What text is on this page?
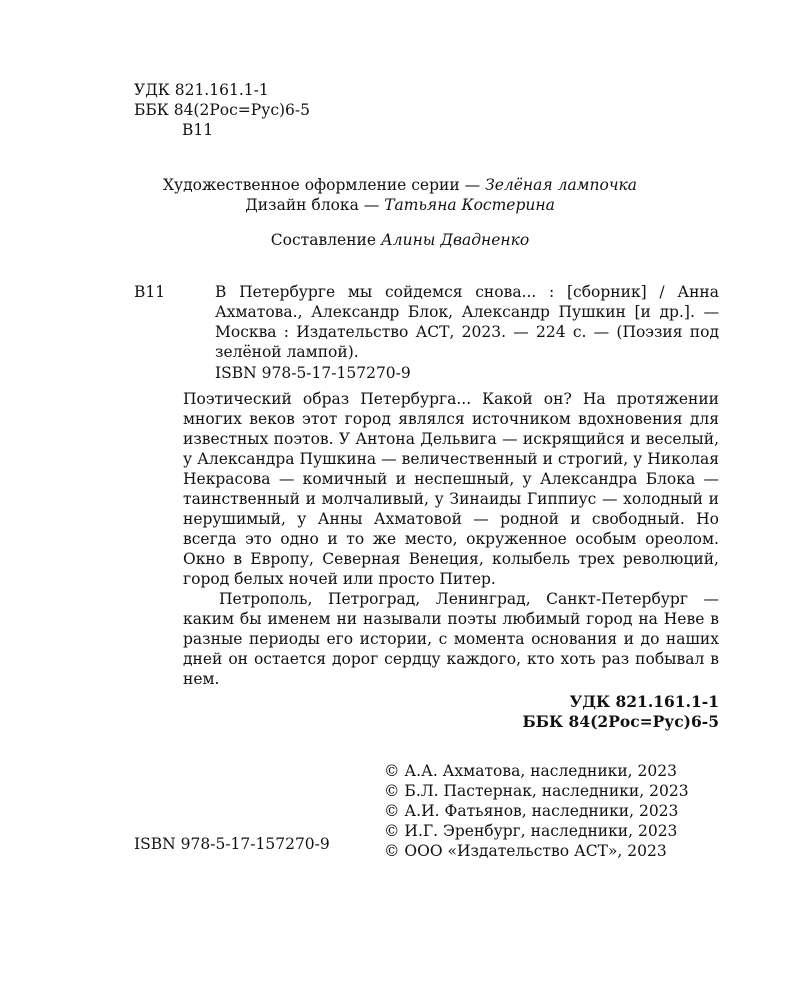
УДК 821.161.1-1
ББК 84(2Рос=Рус)6-5
В11
Художественное оформление серии — Зелёная лампочка
Дизайн блока — Татьяна Костерина
Составление Алины Двадненко
В11	В Петербурге мы сойдемся снова... : [сборник] / Анна Ахматова., Александр Блок, Александр Пушкин [и др.]. — Москва : Издательство АСТ, 2023. — 224 с. — (Поэзия под зелёной лампой).
ISBN 978-5-17-157270-9

Поэтический образ Петербурга... Какой он? На протяжении многих веков этот город являлся источником вдохновения для известных поэтов. У Антона Дельвига — искрящийся и веселый, у Александра Пушкина — величественный и строгий, у Николая Некрасова — комичный и неспешный, у Александра Блока — таинственный и молчаливый, у Зинаиды Гиппиус — холодный и нерушимый, у Анны Ахматовой — родной и свободный. Но всегда это одно и то же место, окруженное особым ореолом. Окно в Европу, Северная Венеция, колыбель трех революций, город белых ночей или просто Питер.

Петрополь, Петроград, Ленинград, Санкт-Петербург — каким бы именем ни называли поэты любимый город на Неве в разные периоды его истории, с момента основания и до наших дней он остается дорог сердцу каждого, кто хоть раз побывал в нем.

УДК 821.161.1-1
ББК 84(2Рос=Рус)6-5
© А.А. Ахматова, наследники, 2023
© Б.Л. Пастернак, наследники, 2023
© А.И. Фатьянов, наследники, 2023
© И.Г. Эренбург, наследники, 2023
© ООО «Издательство АСТ», 2023
ISBN 978-5-17-157270-9
